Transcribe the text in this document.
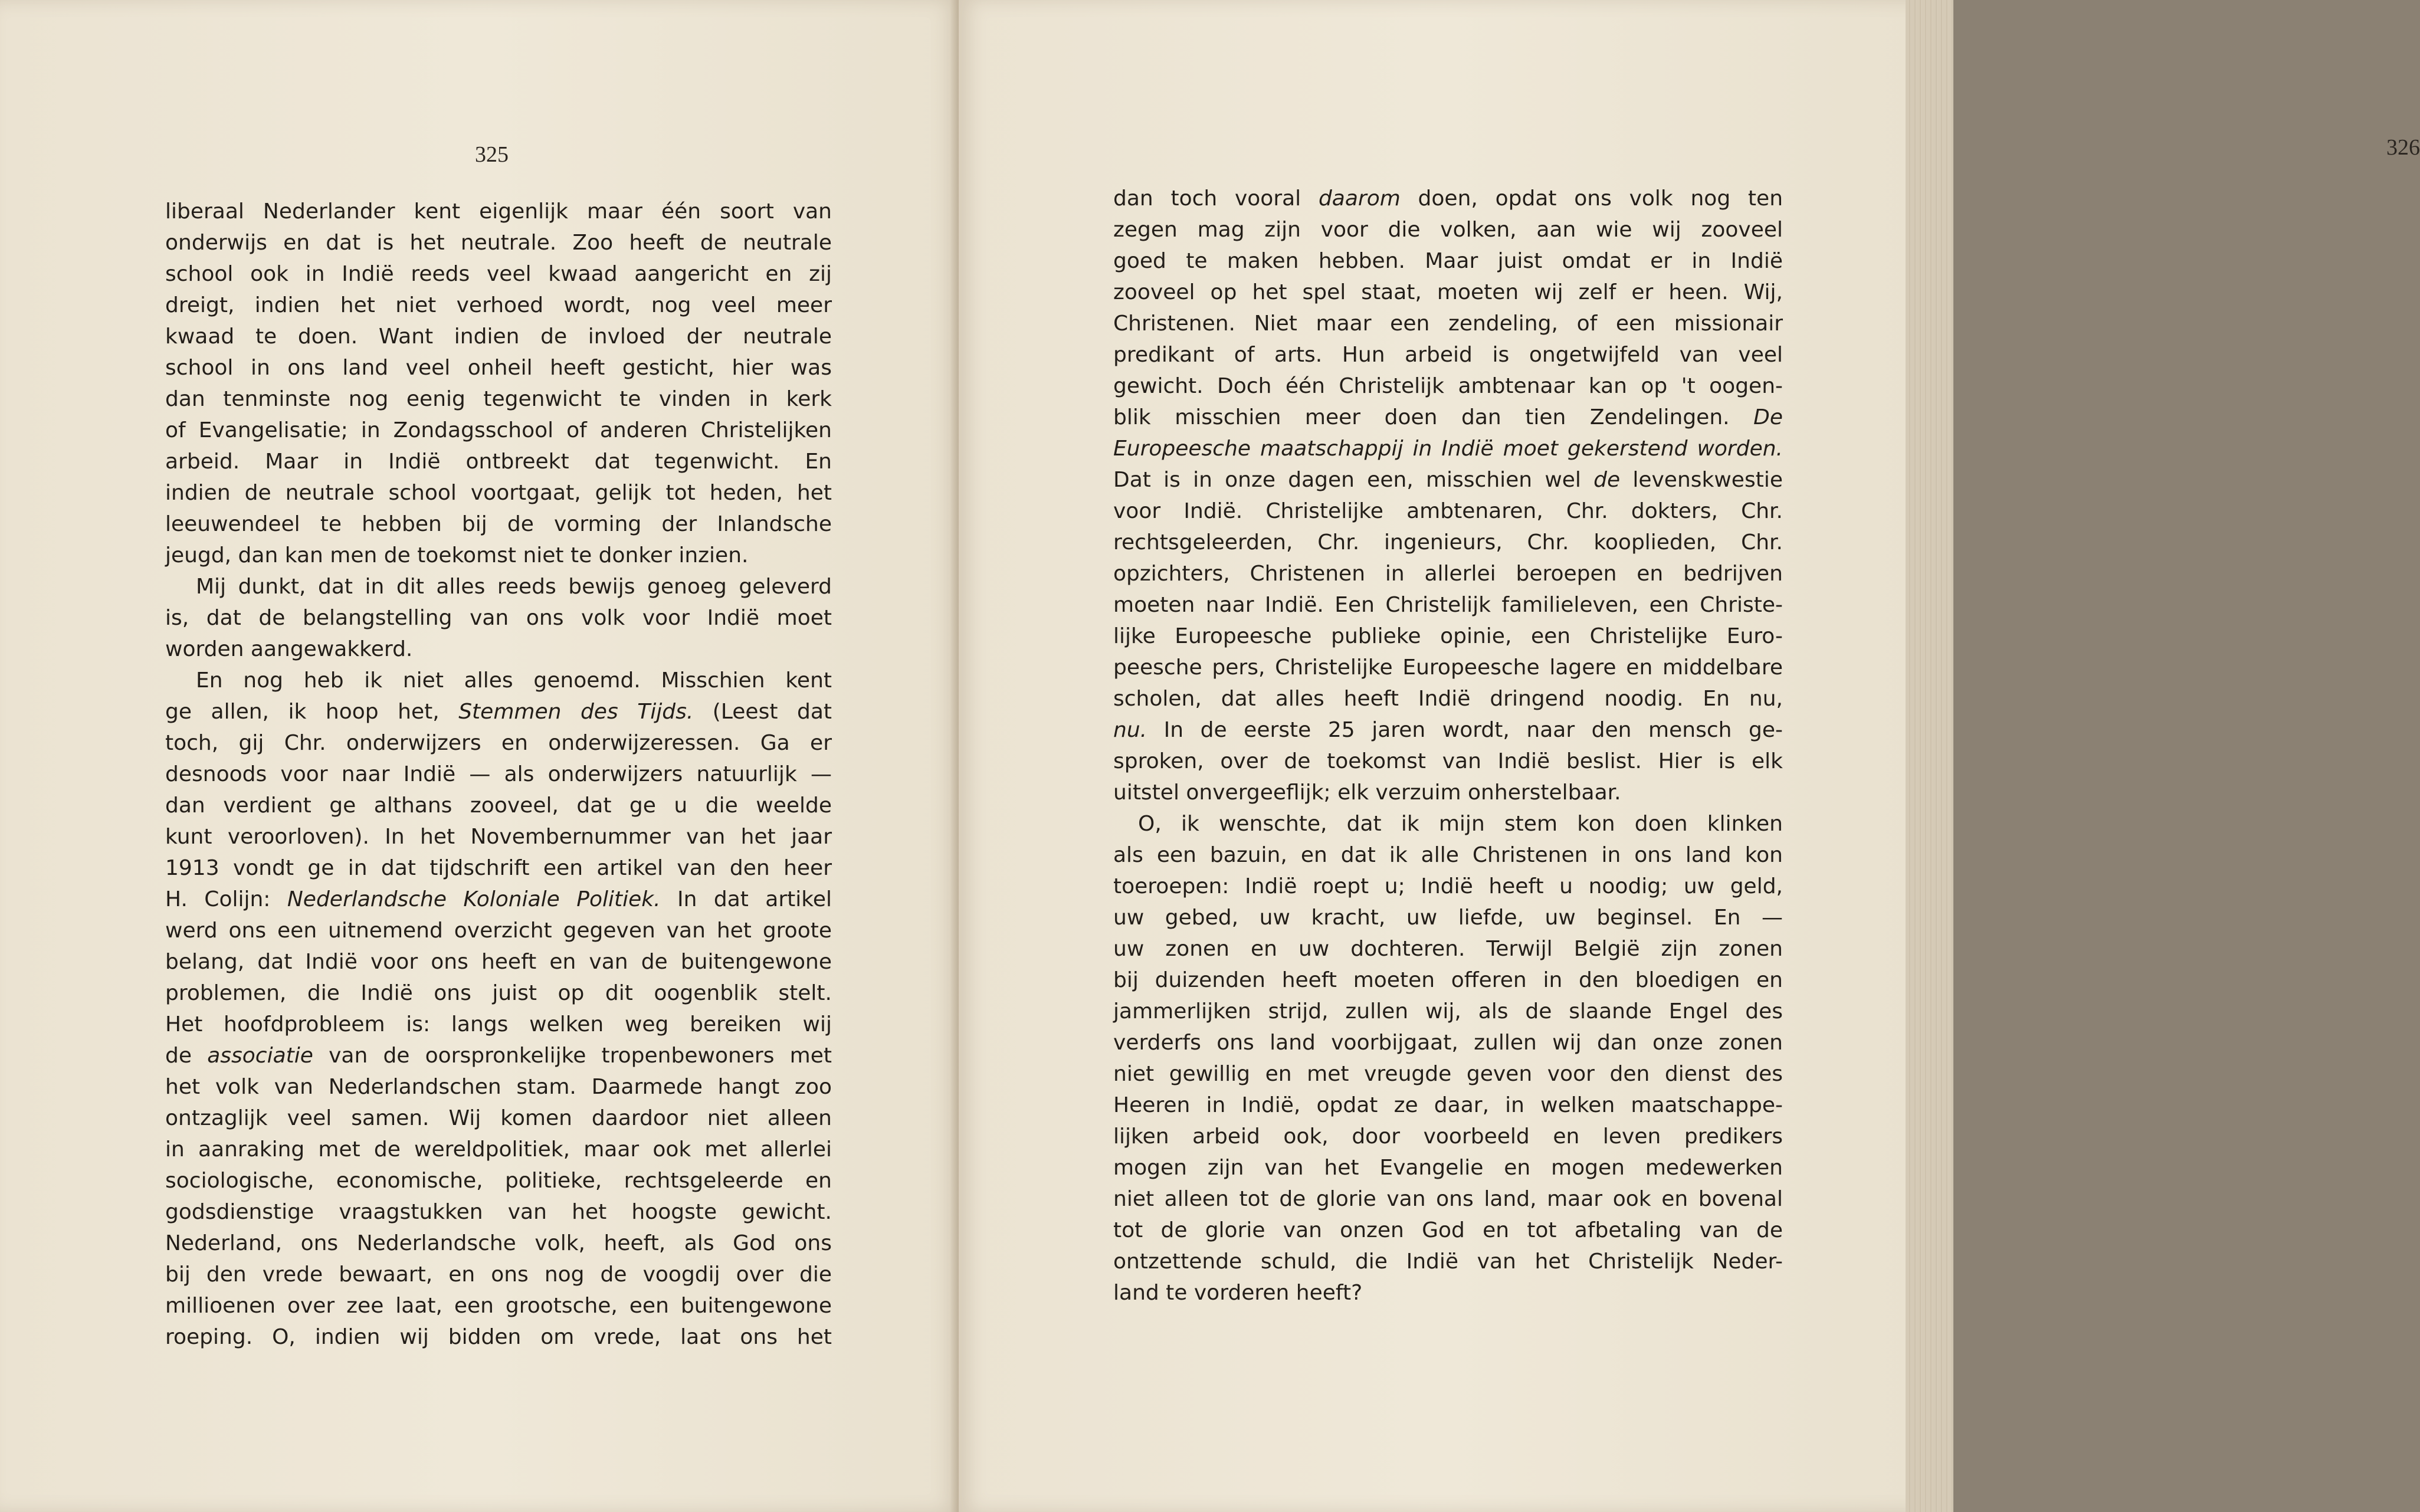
325
liberaal Nederlander kent eigenlijk maar één soort van
onderwijs en dat is het neutrale. Zoo heeft de neutrale
school ook in Indië reeds veel kwaad aangericht en zij
dreigt, indien het niet verhoed wordt, nog veel meer
kwaad te doen. Want indien de invloed der neutrale
school in ons land veel onheil heeft gesticht, hier was
dan tenminste nog eenig tegenwicht te vinden in kerk
of Evangelisatie; in Zondagsschool of anderen Christelijken
arbeid. Maar in Indië ontbreekt dat tegenwicht. En
indien de neutrale school voortgaat, gelijk tot heden, het
leeuwendeel te hebben bij de vorming der Inlandsche
jeugd, dan kan men de toekomst niet te donker inzien.
Mij dunkt, dat in dit alles reeds bewijs genoeg geleverd
is, dat de belangstelling van ons volk voor Indië moet
worden aangewakkerd.
En nog heb ik niet alles genoemd. Misschien kent
ge allen, ik hoop het, Stemmen des Tijds. (Leest dat
toch, gij Chr. onderwijzers en onderwijzeressen. Ga er
desnoods voor naar Indië — als onderwijzers natuurlijk —
dan verdient ge althans zooveel, dat ge u die weelde
kunt veroorloven). In het Novembernummer van het jaar
1913 vondt ge in dat tijdschrift een artikel van den heer
H. Colijn: Nederlandsche Koloniale Politiek. In dat artikel
werd ons een uitnemend overzicht gegeven van het groote
belang, dat Indië voor ons heeft en van de buitengewone
problemen, die Indië ons juist op dit oogenblik stelt.
Het hoofdprobleem is: langs welken weg bereiken wij
de associatie van de oorspronkelijke tropenbewoners met
het volk van Nederlandschen stam. Daarmede hangt zoo
ontzaglijk veel samen. Wij komen daardoor niet alleen
in aanraking met de wereldpolitiek, maar ook met allerlei
sociologische, economische, politieke, rechtsgeleerde en
godsdienstige vraagstukken van het hoogste gewicht.
Nederland, ons Nederlandsche volk, heeft, als God ons
bij den vrede bewaart, en ons nog de voogdij over die
millioenen over zee laat, een grootsche, een buitengewone
roeping. O, indien wij bidden om vrede, laat ons het
326
dan toch vooral daarom doen, opdat ons volk nog ten
zegen mag zijn voor die volken, aan wie wij zooveel
goed te maken hebben. Maar juist omdat er in Indië
zooveel op het spel staat, moeten wij zelf er heen. Wij,
Christenen. Niet maar een zendeling, of een missionair
predikant of arts. Hun arbeid is ongetwijfeld van veel
gewicht. Doch één Christelijk ambtenaar kan op 't oogen-
blik misschien meer doen dan tien Zendelingen. De
Europeesche maatschappij in Indië moet gekerstend worden.
Dat is in onze dagen een, misschien wel de levenskwestie
voor Indië. Christelijke ambtenaren, Chr. dokters, Chr.
rechtsgeleerden, Chr. ingenieurs, Chr. kooplieden, Chr.
opzichters, Christenen in allerlei beroepen en bedrijven
moeten naar Indië. Een Christelijk familieleven, een Christe-
lijke Europeesche publieke opinie, een Christelijke Euro-
peesche pers, Christelijke Europeesche lagere en middelbare
scholen, dat alles heeft Indië dringend noodig. En nu,
nu. In de eerste 25 jaren wordt, naar den mensch ge-
sproken, over de toekomst van Indië beslist. Hier is elk
uitstel onvergeeflijk; elk verzuim onherstelbaar.
O, ik wenschte, dat ik mijn stem kon doen klinken
als een bazuin, en dat ik alle Christenen in ons land kon
toeroepen: Indië roept u; Indië heeft u noodig; uw geld,
uw gebed, uw kracht, uw liefde, uw beginsel. En —
uw zonen en uw dochteren. Terwijl België zijn zonen
bij duizenden heeft moeten offeren in den bloedigen en
jammerlijken strijd, zullen wij, als de slaande Engel des
verderfs ons land voorbijgaat, zullen wij dan onze zonen
niet gewillig en met vreugde geven voor den dienst des
Heeren in Indië, opdat ze daar, in welken maatschappe-
lijken arbeid ook, door voorbeeld en leven predikers
mogen zijn van het Evangelie en mogen medewerken
niet alleen tot de glorie van ons land, maar ook en bovenal
tot de glorie van onzen God en tot afbetaling van de
ontzettende schuld, die Indië van het Christelijk Neder-
land te vorderen heeft?
